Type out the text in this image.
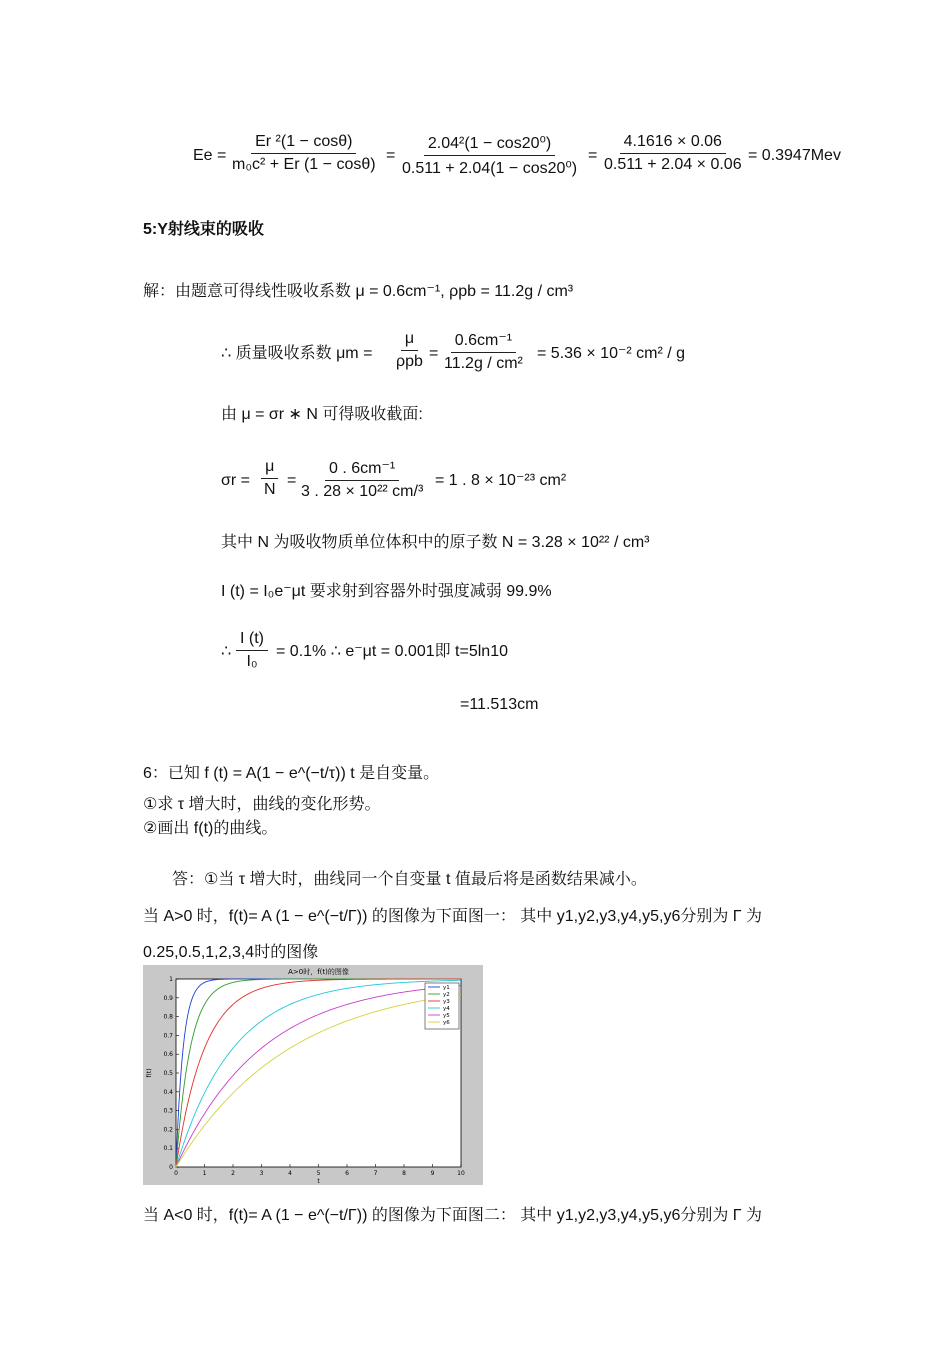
$Ee = \frac{\text{Er ²(1 − cosθ)}}{\text{m₀c² + Er (1 − cosθ)}} = \frac{\text{2.04²(1 − cos20⁰)}}{\text{0.511 + 2.04(1 − cos20⁰)}} = \frac{4.1616 \times 0.06}{0.511 + 2.04 \times 0.06} = 0.3947Mev$
5:Y射线束的吸收
解：由题意可得线性吸收系数 μ = 0.6cm⁻¹, ρpb = 11.2g / cm³
∴ 质量吸收系数 μm =
μ
$\rho pb = \frac{\text{0.6cm⁻¹}}{\text{11.2g / cm²}} = 5.36 \times 10^{-2}$ cm² / g
由 μ = σr ∗ N 可得吸收截面:
$\sigma r = \frac{\mu}{N} = \frac{\text{0 . 6cm⁻¹}}{\text{3 . 28 × 10²² cm/³}} = 1$ . 8 × 10⁻²³ cm²
其中 N 为吸收物质单位体积中的原子数 N = 3.28 × 10²² / cm³
I (t) = I₀e⁻μt 要求射到容器外时强度减弱 99.9%
∴ $\frac{I (t)}{\text{I₀}} = 0.1\%$ ∴ e⁻μt = 0.001即 t=5ln10
=11.513cm
6：已知 f (t) = A(1 − e^(−t/τ)) t 是自变量。
①求 τ 增大时，曲线的变化形势。
②画出 f(t)的曲线。
答：①当 τ 增大时，曲线同一个自变量 t 值最后将是函数结果减小。
当 A>0 时，f(t)= A (1 − e^(−t/Γ)) 的图像为下面图一： 其中 y1,y2,y3,y4,y5,y6分别为 Γ 为
0.25,0.5,1,2,3,4时的图像
A>0时，f(t)的图像
0	1	2	3	4	5	6	7	8	9	10
0
0.1
0.2
0.3
0.4
0.5
0.6
0.7
0.8
0.9
1
t
f(t)
y1
y2
y3
y4
y5
y6
当 A<0 时，f(t)= A (1 − e^(−t/Γ)) 的图像为下面图二： 其中 y1,y2,y3,y4,y5,y6分别为 Γ 为
